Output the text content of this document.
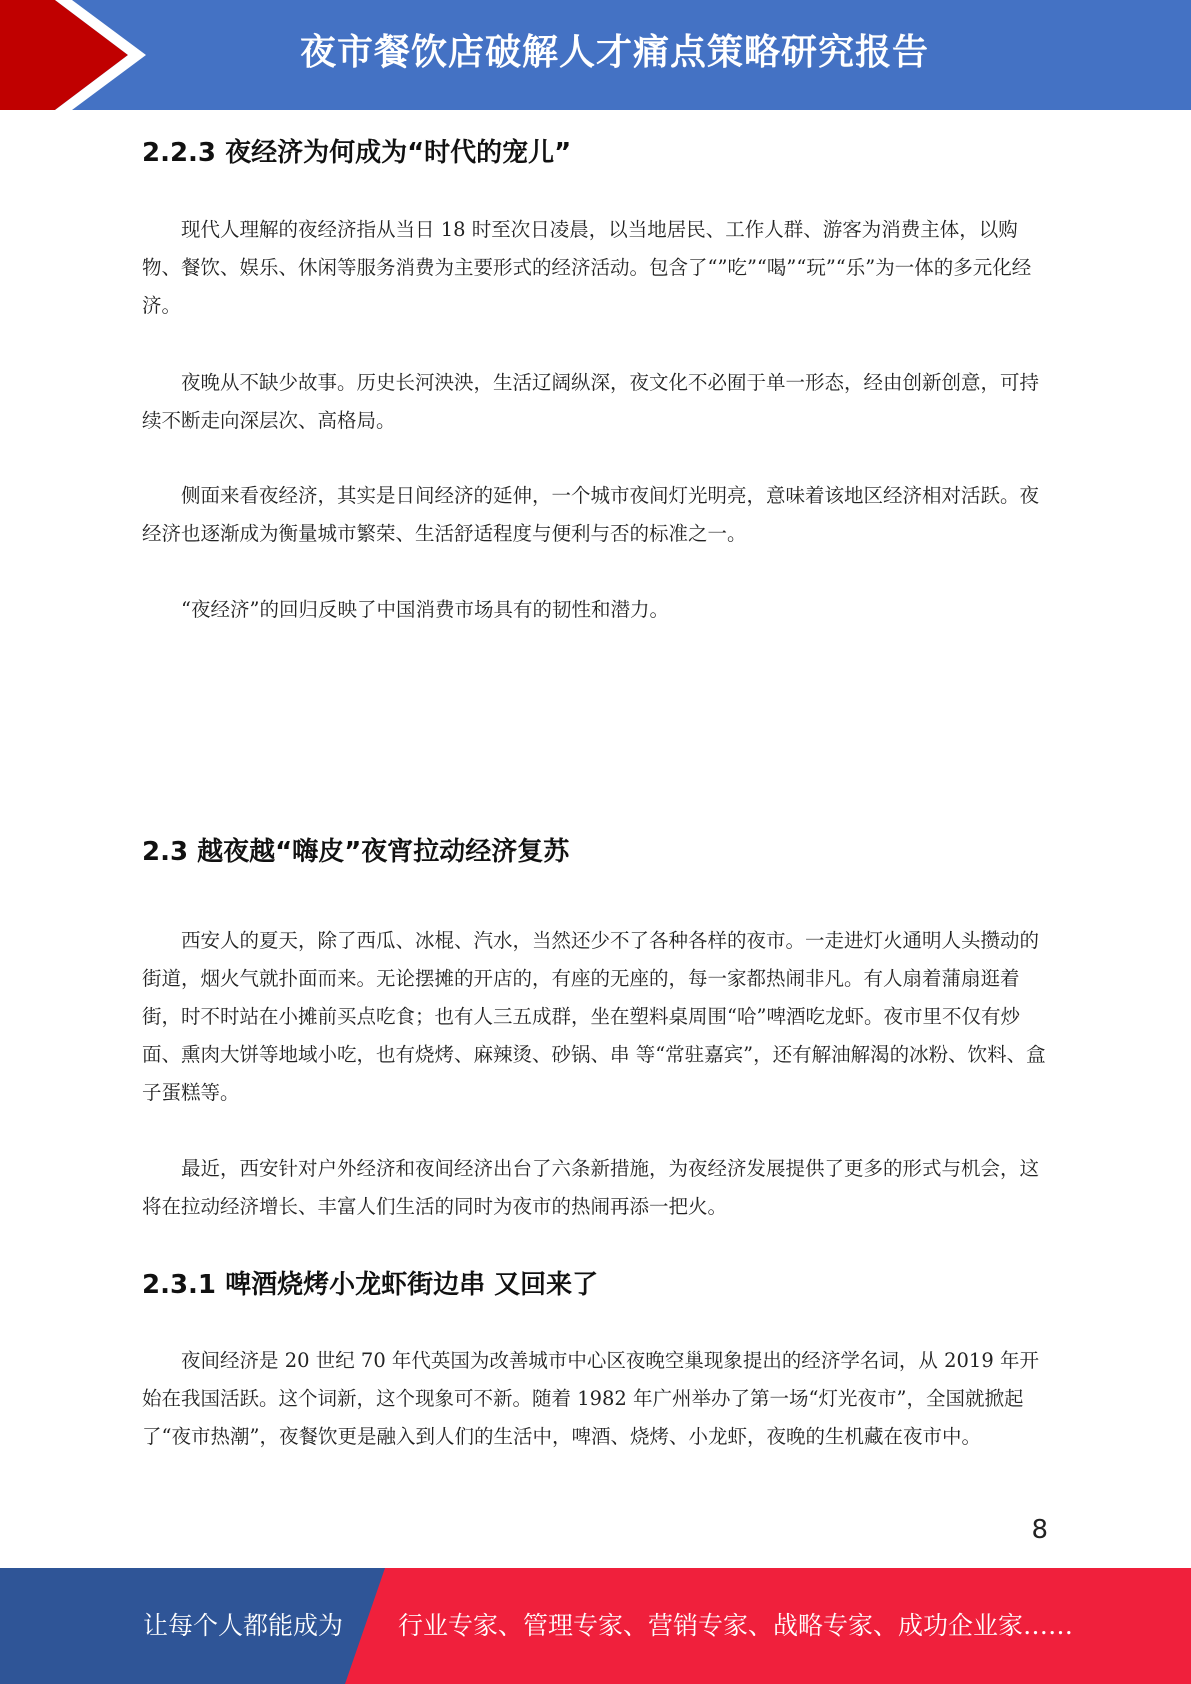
夜市餐饮店破解人才痛点策略研究报告
2.2.3 夜经济为何成为“时代的宠儿”

现代人理解的夜经济指从当日 18 时至次日凌晨，以当地居民、工作人群、游客为消费主体，以购物、餐饮、娱乐、休闲等服务消费为主要形式的经济活动。包含了“”吃”“喝”“玩”“乐”为一体的多元化经济。

夜晚从不缺少故事。历史长河泱泱，生活辽阔纵深，夜文化不必囿于单一形态，经由创新创意，可持续不断走向深层次、高格局。

侧面来看夜经济，其实是日间经济的延伸，一个城市夜间灯光明亮，意味着该地区经济相对活跃。夜经济也逐渐成为衡量城市繁荣、生活舒适程度与便利与否的标准之一。

“夜经济”的回归反映了中国消费市场具有的韧性和潜力。

2.3 越夜越“嗨皮”夜宵拉动经济复苏

西安人的夏天，除了西瓜、冰棍、汽水，当然还少不了各种各样的夜市。一走进灯火通明人头攒动的街道，烟火气就扑面而来。无论摆摊的开店的，有座的无座的，每一家都热闹非凡。有人扇着蒲扇逛着街，时不时站在小摊前买点吃食；也有人三五成群，坐在塑料桌周围“哈”啤酒吃龙虾。夜市里不仅有炒面、熏肉大饼等地域小吃，也有烧烤、麻辣烫、砂锅、串 等“常驻嘉宾”，还有解油解渴的冰粉、饮料、盒子蛋糕等。

最近，西安针对户外经济和夜间经济出台了六条新措施，为夜经济发展提供了更多的形式与机会，这将在拉动经济增长、丰富人们生活的同时为夜市的热闹再添一把火。

2.3.1 啤酒烧烤小龙虾街边串 又回来了

夜间经济是 20 世纪 70 年代英国为改善城市中心区夜晚空巢现象提出的经济学名词，从 2019 年开始在我国活跃。这个词新，这个现象可不新。随着 1982 年广州举办了第一场“灯光夜市”，全国就掀起了“夜市热潮”，夜餐饮更是融入到人们的生活中，啤酒、烧烤、小龙虾，夜晚的生机藏在夜市中。

8
让每个人都能成为 行业专家、管理专家、营销专家、战略专家、成功企业家……
